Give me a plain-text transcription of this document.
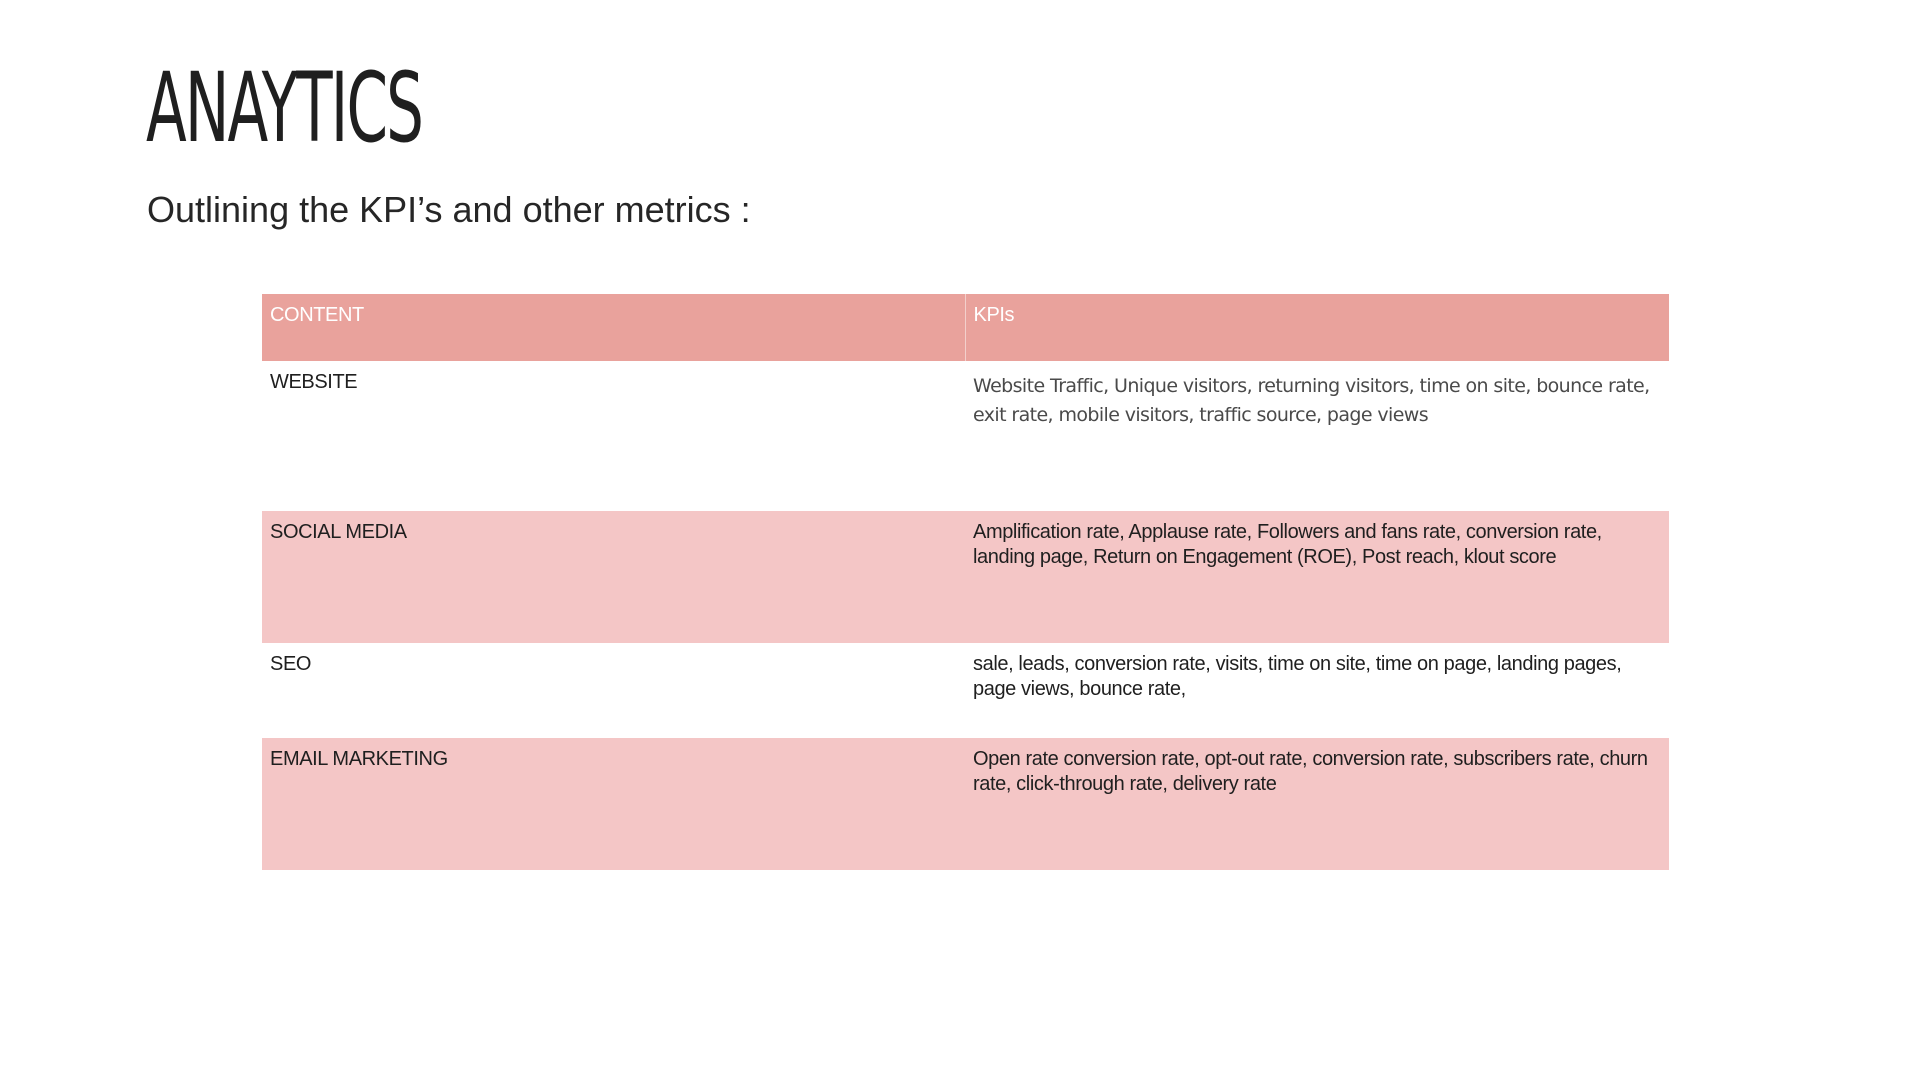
ANAYTICS

Outlining the KPI’s and other metrics :

CONTENT	KPIs
WEBSITE	Website Traffic, Unique visitors, returning visitors, time on site, bounce rate, exit rate, mobile visitors, traffic source, page views
SOCIAL MEDIA	Amplification rate, Applause rate, Followers and fans rate, conversion rate, landing page, Return on Engagement (ROE), Post reach, klout score
SEO	sale, leads, conversion rate, visits, time on site, time on page, landing pages, page views, bounce rate,
EMAIL MARKETING	Open rate conversion rate, opt-out rate, conversion rate, subscribers rate, churn rate, click-through rate, delivery rate
